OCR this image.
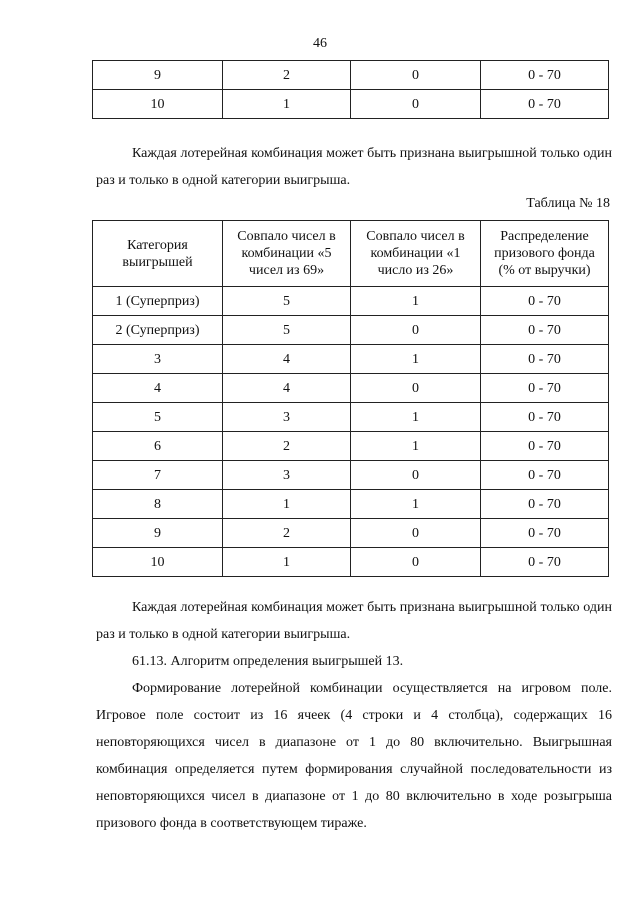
46
9	2	0	0 - 70
10	1	0	0 - 70

Каждая лотерейная комбинация может быть признана выигрышной только один раз и только в одной категории выигрыша.

Таблица № 18
Категория выигрышей	Совпало чисел в комбинации «5 чисел из 69»	Совпало чисел в комбинации «1 число из 26»	Распределение призового фонда (% от выручки)
1 (Суперприз)	5	1	0 - 70
2 (Суперприз)	5	0	0 - 70
3	4	1	0 - 70
4	4	0	0 - 70
5	3	1	0 - 70
6	2	1	0 - 70
7	3	0	0 - 70
8	1	1	0 - 70
9	2	0	0 - 70
10	1	0	0 - 70

Каждая лотерейная комбинация может быть признана выигрышной только один раз и только в одной категории выигрыша.

61.13. Алгоритм определения выигрышей 13.

Формирование лотерейной комбинации осуществляется на игровом поле. Игровое поле состоит из 16 ячеек (4 строки и 4 столбца), содержащих 16 неповторяющихся чисел в диапазоне от 1 до 80 включительно. Выигрышная комбинация определяется путем формирования случайной последовательности из неповторяющихся чисел в диапазоне от 1 до 80 включительно в ходе розыгрыша призового фонда в соответствующем тираже.
